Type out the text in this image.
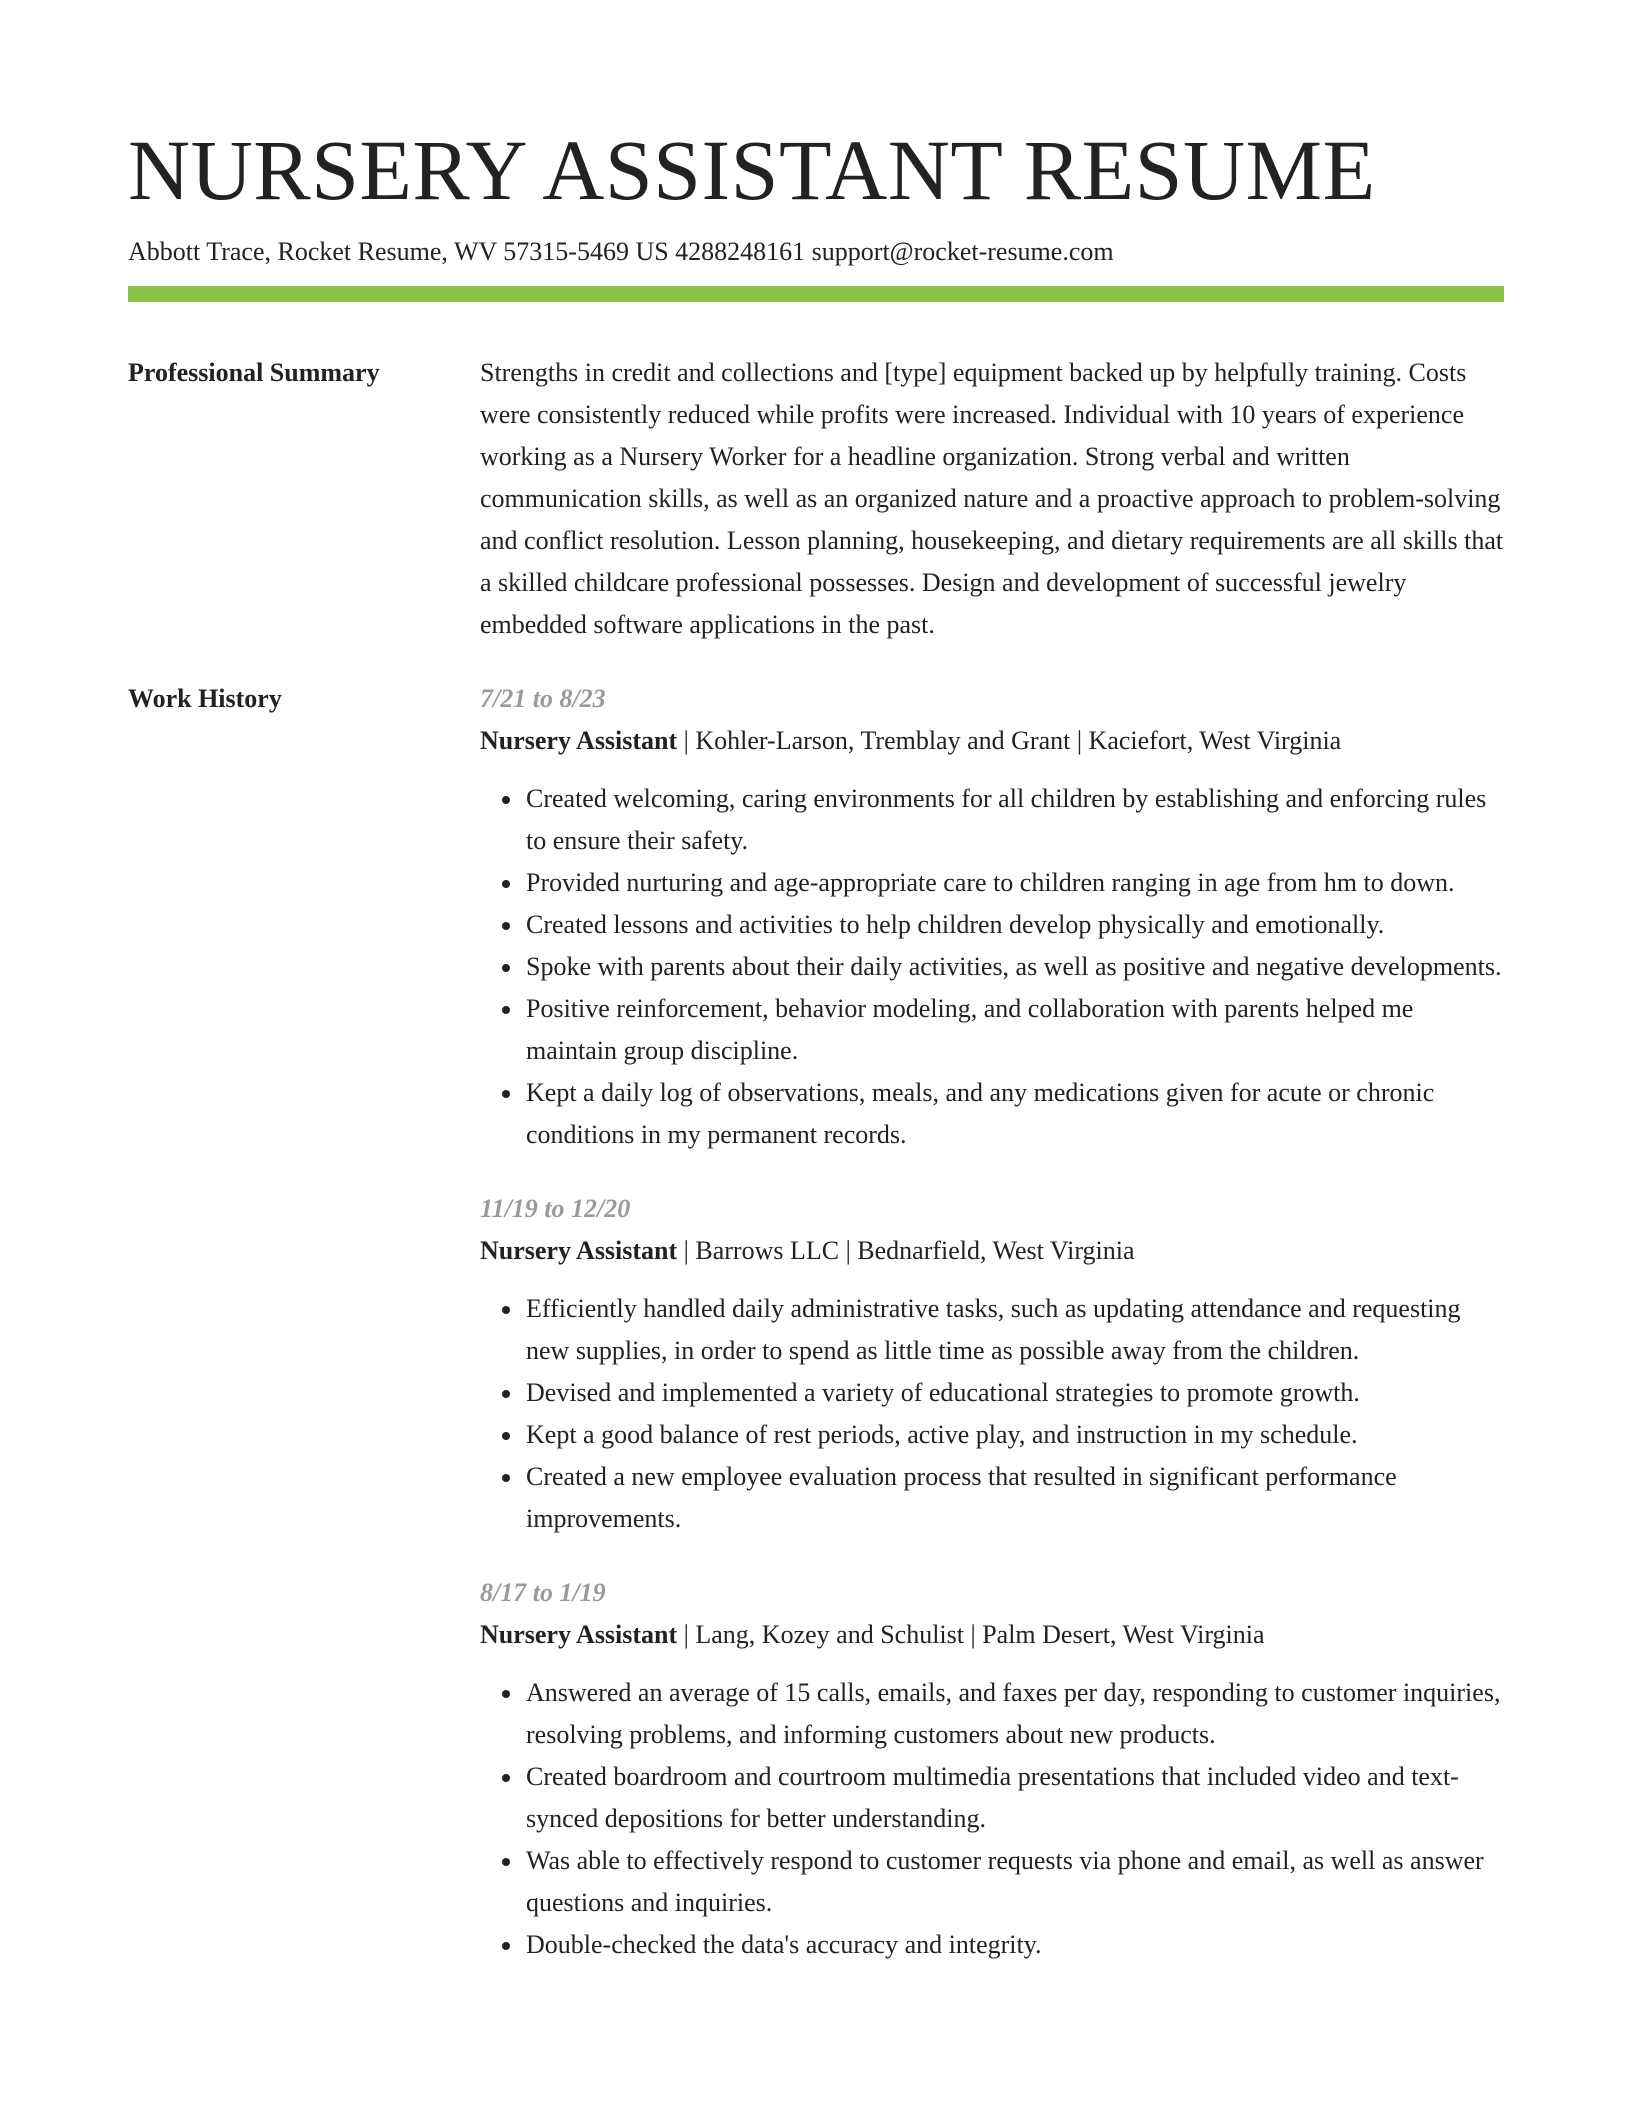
NURSERY ASSISTANT RESUME
Abbott Trace, Rocket Resume, WV 57315-5469 US 4288248161 support@rocket-resume.com
Professional Summary	Strengths in credit and collections and [type] equipment backed up by helpfully training. Costs were consistently reduced while profits were increased. Individual with 10 years of experience working as a Nursery Worker for a headline organization. Strong verbal and written communication skills, as well as an organized nature and a proactive approach to problem-solving and conflict resolution. Lesson planning, housekeeping, and dietary requirements are all skills that a skilled childcare professional possesses. Design and development of successful jewelry embedded software applications in the past.

Work History	7/21 to 8/23
Nursery Assistant | Kohler-Larson, Tremblay and Grant | Kaciefort, West Virginia
• Created welcoming, caring environments for all children by establishing and enforcing rules to ensure their safety.
• Provided nurturing and age-appropriate care to children ranging in age from hm to down.
• Created lessons and activities to help children develop physically and emotionally.
• Spoke with parents about their daily activities, as well as positive and negative developments.
• Positive reinforcement, behavior modeling, and collaboration with parents helped me maintain group discipline.
• Kept a daily log of observations, meals, and any medications given for acute or chronic conditions in my permanent records.
11/19 to 12/20
Nursery Assistant | Barrows LLC | Bednarfield, West Virginia
• Efficiently handled daily administrative tasks, such as updating attendance and requesting new supplies, in order to spend as little time as possible away from the children.
• Devised and implemented a variety of educational strategies to promote growth.
• Kept a good balance of rest periods, active play, and instruction in my schedule.
• Created a new employee evaluation process that resulted in significant performance improvements.
8/17 to 1/19
Nursery Assistant | Lang, Kozey and Schulist | Palm Desert, West Virginia
• Answered an average of 15 calls, emails, and faxes per day, responding to customer inquiries, resolving problems, and informing customers about new products.
• Created boardroom and courtroom multimedia presentations that included video and text-synced depositions for better understanding.
• Was able to effectively respond to customer requests via phone and email, as well as answer questions and inquiries.
• Double-checked the data's accuracy and integrity.
